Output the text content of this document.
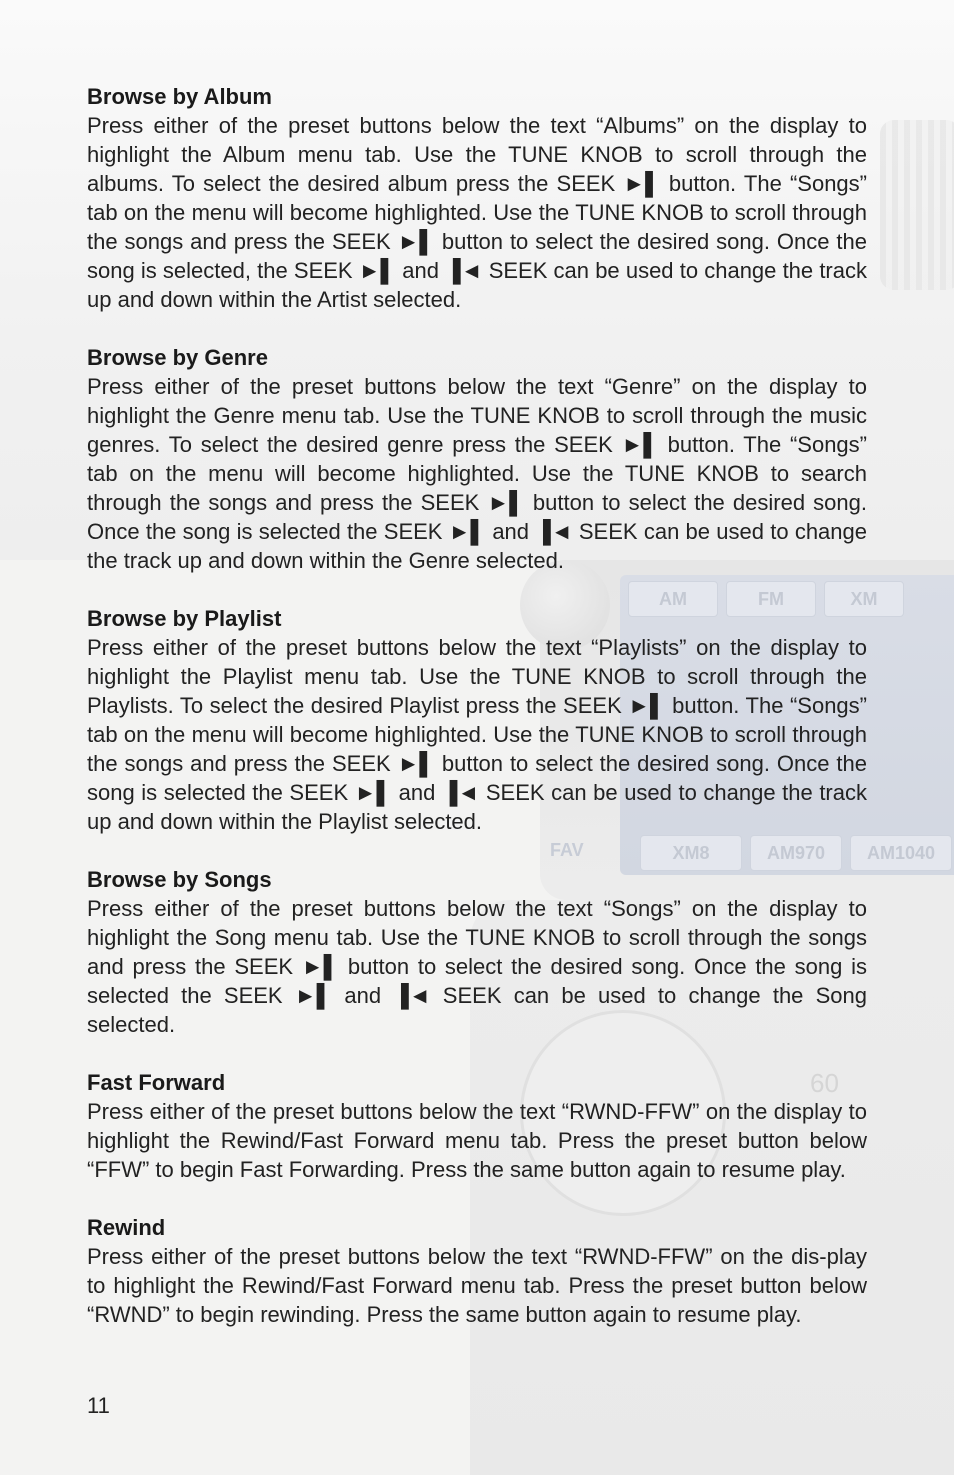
AM	FM	XM
XM8	AM970	AM1040
FAV
60
Browse by Album

Press either of the preset buttons below the text “Albums” on the display to highlight the Album menu tab. Use the TUNE KNOB to scroll through the albums. To select the desired album press the SEEK ►▌ button. The “Songs” tab on the menu will become highlighted. Use the TUNE KNOB to scroll through the songs and press the SEEK ►▌ button to select the desired song. Once the song is selected, the SEEK ►▌ and ▐◄ SEEK can be used to change the track up and down within the Artist selected.

Browse by Genre

Press either of the preset buttons below the text “Genre” on the display to highlight the Genre menu tab. Use the TUNE KNOB to scroll through the music genres. To select the desired genre press the SEEK ►▌ button. The “Songs” tab on the menu will become highlighted. Use the TUNE KNOB to search through the songs and press the SEEK ►▌ button to select the desired song. Once the song is selected the SEEK ►▌ and ▐◄ SEEK can be used to change the track up and down within the Genre selected.

Browse by Playlist

Press either of the preset buttons below the text “Playlists” on the display to highlight the Playlist menu tab. Use the TUNE KNOB to scroll through the Playlists. To select the desired Playlist press the SEEK ►▌ button. The “Songs” tab on the menu will become highlighted. Use the TUNE KNOB to scroll through the songs and press the SEEK ►▌ button to select the desired song. Once the song is selected the SEEK ►▌ and ▐◄ SEEK can be used to change the track up and down within the Playlist selected.

Browse by Songs

Press either of the preset buttons below the text “Songs” on the display to highlight the Song menu tab. Use the TUNE KNOB to scroll through the songs and press the SEEK ►▌ button to select the desired song. Once the song is selected the SEEK ►▌ and ▐◄ SEEK can be used to change the Song selected.

Fast Forward

Press either of the preset buttons below the text “RWND-FFW” on the display to highlight the Rewind/Fast Forward menu tab. Press the preset button below “FFW” to begin Fast Forwarding. Press the same button again to resume play.

Rewind

Press either of the preset buttons below the text “RWND-FFW” on the dis-play to highlight the Rewind/Fast Forward menu tab. Press the preset button below “RWND” to begin rewinding. Press the same button again to resume play.

11
